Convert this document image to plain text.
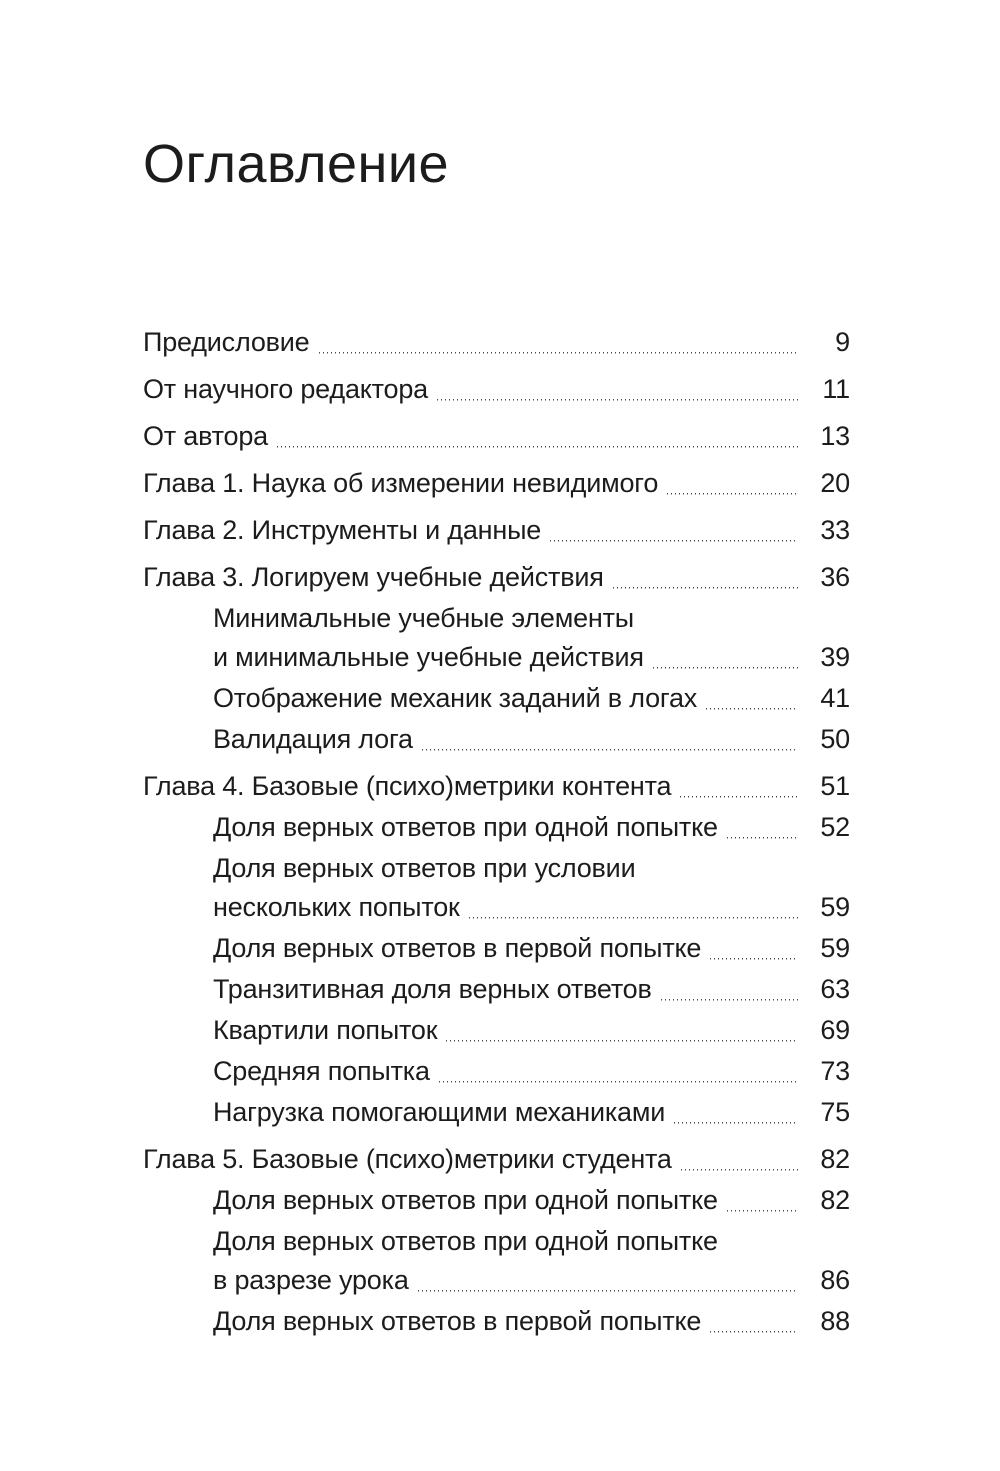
Оглавление
Предисловие	9
От научного редактора	11
От автора	13
Глава 1. Наука об измерении невидимого	20
Глава 2. Инструменты и данные	33
Глава 3. Логируем учебные действия	36
Минимальные учебные элементы
и минимальные учебные действия	39
Отображение механик заданий в логах	41
Валидация лога	50
Глава 4. Базовые (психо)метрики контента	51
Доля верных ответов при одной попытке	52
Доля верных ответов при условии
нескольких попыток	59
Доля верных ответов в первой попытке	59
Транзитивная доля верных ответов	63
Квартили попыток	69
Средняя попытка	73
Нагрузка помогающими механиками	75
Глава 5. Базовые (психо)метрики студента	82
Доля верных ответов при одной попытке	82
Доля верных ответов при одной попытке
в разрезе урока	86
Доля верных ответов в первой попытке	88
